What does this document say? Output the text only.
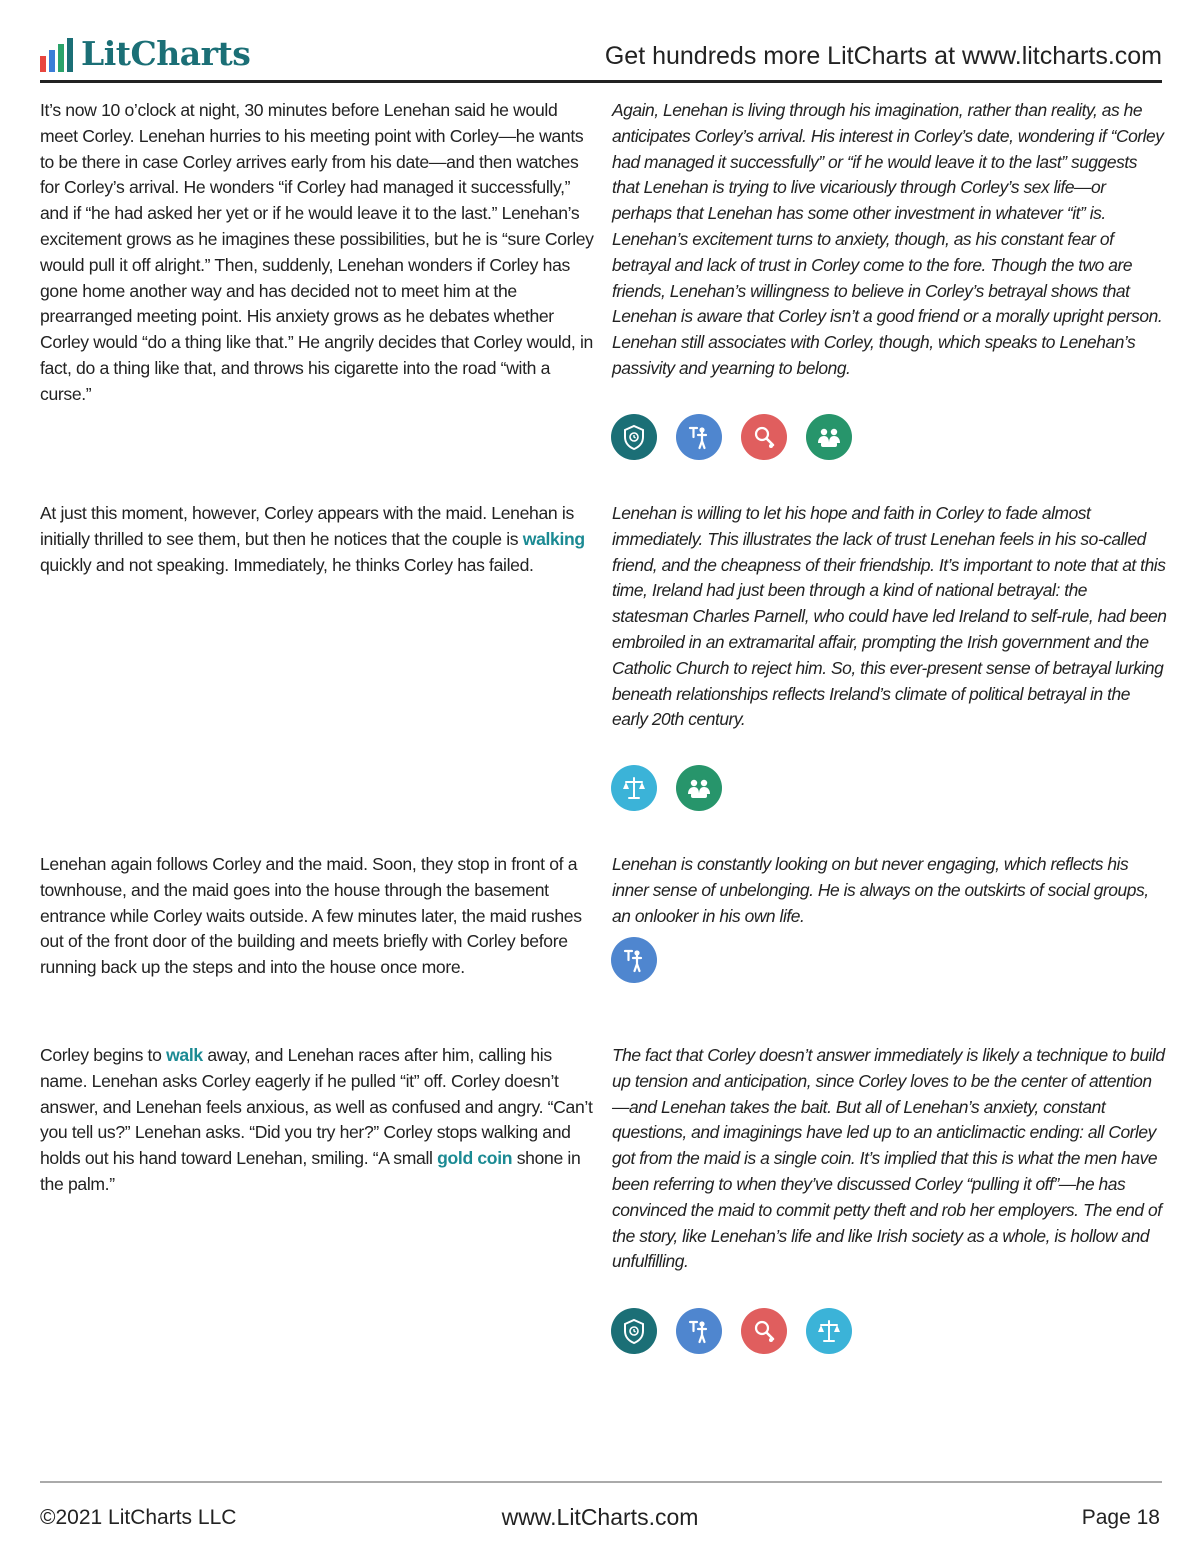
LitCharts	Get hundreds more LitCharts at www.litcharts.com
It’s now 10 o’clock at night, 30 minutes before Lenehan said he would meet Corley. Lenehan hurries to his meeting point with Corley—he wants to be there in case Corley arrives early from his date—and then watches for Corley’s arrival. He wonders “if Corley had managed it successfully,” and if “he had asked her yet or if he would leave it to the last.” Lenehan’s excitement grows as he imagines these possibilities, but he is “sure Corley would pull it off alright.” Then, suddenly, Lenehan wonders if Corley has gone home another way and has decided not to meet him at the prearranged meeting point. His anxiety grows as he debates whether Corley would “do a thing like that.” He angrily decides that Corley would, in fact, do a thing like that, and throws his cigarette into the road “with a curse.”
Again, Lenehan is living through his imagination, rather than reality, as he anticipates Corley’s arrival. His interest in Corley’s date, wondering if “Corley had managed it successfully” or “if he would leave it to the last” suggests that Lenehan is trying to live vicariously through Corley’s sex life—or perhaps that Lenehan has some other investment in whatever “it” is. Lenehan’s excitement turns to anxiety, though, as his constant fear of betrayal and lack of trust in Corley come to the fore. Though the two are friends, Lenehan’s willingness to believe in Corley’s betrayal shows that Lenehan is aware that Corley isn’t a good friend or a morally upright person. Lenehan still associates with Corley, though, which speaks to Lenehan’s passivity and yearning to belong.
At just this moment, however, Corley appears with the maid. Lenehan is initially thrilled to see them, but then he notices that the couple is walking quickly and not speaking. Immediately, he thinks Corley has failed.
Lenehan is willing to let his hope and faith in Corley to fade almost immediately. This illustrates the lack of trust Lenehan feels in his so-called friend, and the cheapness of their friendship. It’s important to note that at this time, Ireland had just been through a kind of national betrayal: the statesman Charles Parnell, who could have led Ireland to self-rule, had been embroiled in an extramarital affair, prompting the Irish government and the Catholic Church to reject him. So, this ever-present sense of betrayal lurking beneath relationships reflects Ireland’s climate of political betrayal in the early 20th century.
Lenehan again follows Corley and the maid. Soon, they stop in front of a townhouse, and the maid goes into the house through the basement entrance while Corley waits outside. A few minutes later, the maid rushes out of the front door of the building and meets briefly with Corley before running back up the steps and into the house once more.
Lenehan is constantly looking on but never engaging, which reflects his inner sense of unbelonging. He is always on the outskirts of social groups, an onlooker in his own life.
Corley begins to walk away, and Lenehan races after him, calling his name. Lenehan asks Corley eagerly if he pulled “it” off. Corley doesn’t answer, and Lenehan feels anxious, as well as confused and angry. “Can’t you tell us?” Lenehan asks. “Did you try her?” Corley stops walking and holds out his hand toward Lenehan, smiling. “A small gold coin shone in the palm.”
The fact that Corley doesn’t answer immediately is likely a technique to build up tension and anticipation, since Corley loves to be the center of attention—and Lenehan takes the bait. But all of Lenehan’s anxiety, constant questions, and imaginings have led up to an anticlimactic ending: all Corley got from the maid is a single coin. It’s implied that this is what the men have been referring to when they’ve discussed Corley “pulling it off”—he has convinced the maid to commit petty theft and rob her employers. The end of the story, like Lenehan’s life and like Irish society as a whole, is hollow and unfulfilling.
©2021 LitCharts LLC	www.LitCharts.com	Page 18
